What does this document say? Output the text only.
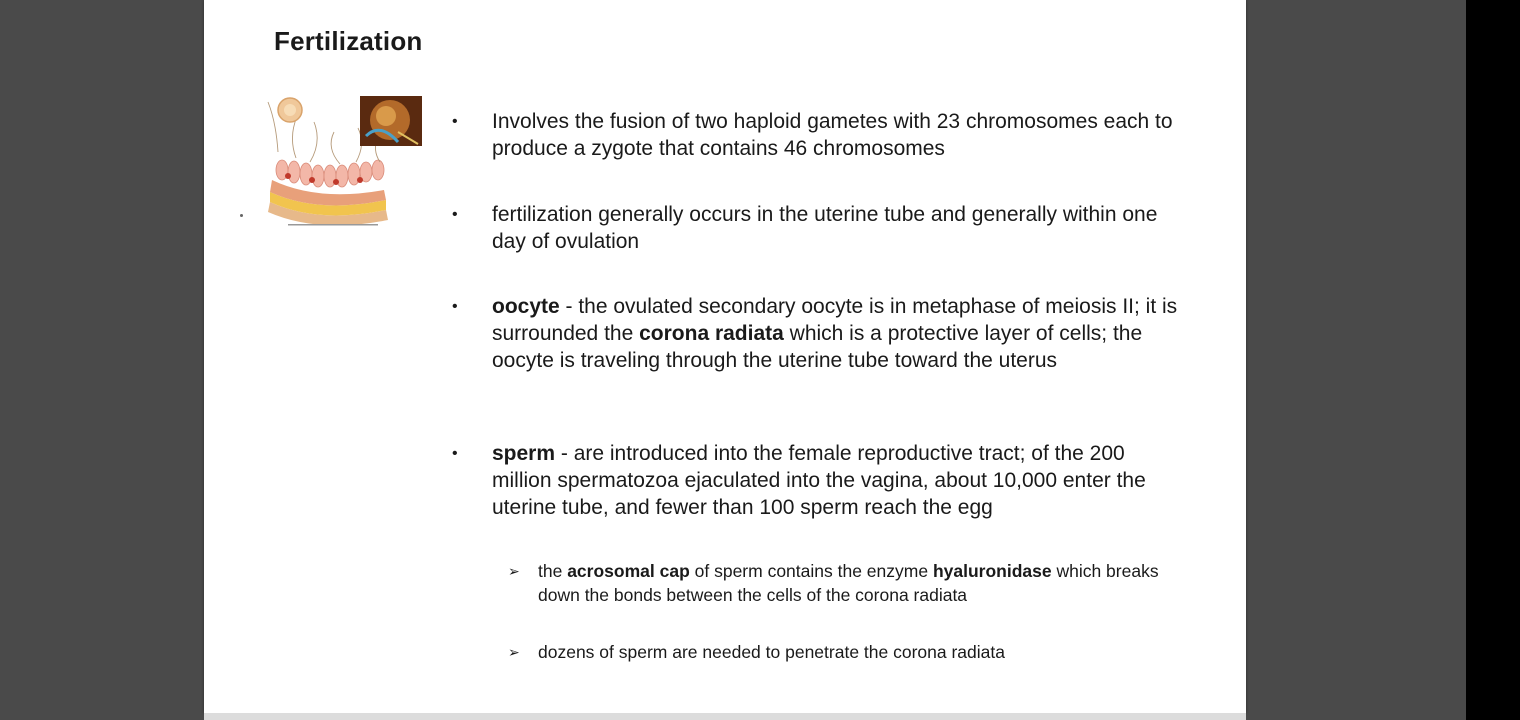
Fertilization
• Involves the fusion of two haploid gametes with 23 chromosomes each to produce a zygote that contains 46 chromosomes
• fertilization generally occurs in the uterine tube and generally within one day of ovulation
• oocyte - the ovulated secondary oocyte is in metaphase of meiosis II; it is surrounded the corona radiata which is a protective layer of cells; the oocyte is traveling through the uterine tube toward the uterus
• sperm - are introduced into the female reproductive tract; of the 200 million spermatozoa ejaculated into the vagina, about 10,000 enter the uterine tube, and fewer than 100 sperm reach the egg
➢ the acrosomal cap of sperm contains the enzyme hyaluronidase which breaks down the bonds between the cells of the corona radiata
➢ dozens of sperm are needed to penetrate the corona radiata
